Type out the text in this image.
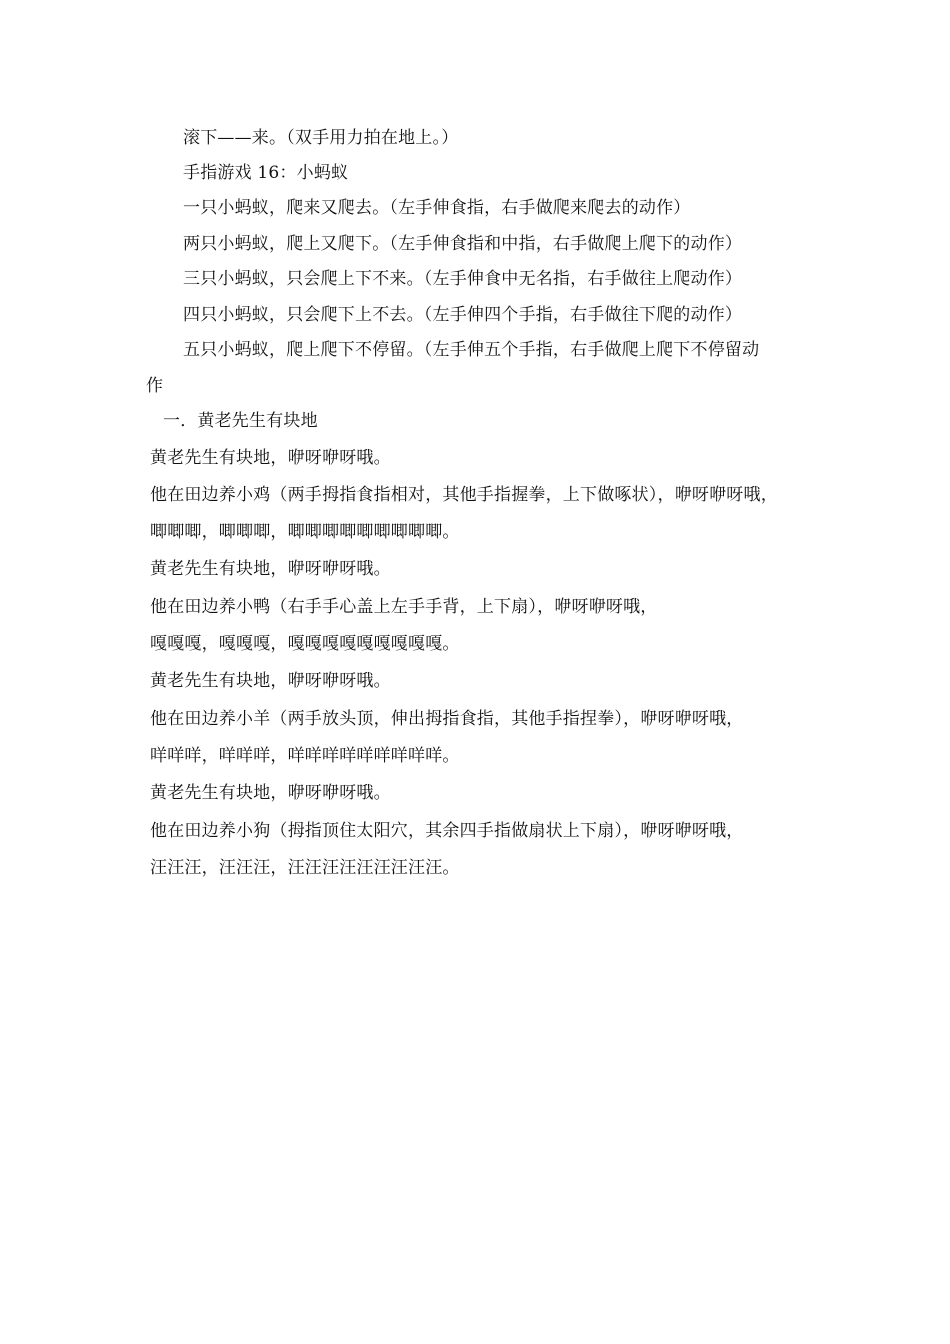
滚下——来。（双手用力拍在地上。）
手指游戏 16：小蚂蚁
一只小蚂蚁，爬来又爬去。（左手伸食指，右手做爬来爬去的动作）
两只小蚂蚁，爬上又爬下。（左手伸食指和中指，右手做爬上爬下的动作）
三只小蚂蚁，只会爬上下不来。（左手伸食中无名指，右手做往上爬动作）
四只小蚂蚁，只会爬下上不去。（左手伸四个手指，右手做往下爬的动作）
五只小蚂蚁，爬上爬下不停留。（左手伸五个手指，右手做爬上爬下不停留动
作
一．黄老先生有块地
黄老先生有块地，咿呀咿呀哦。
他在田边养小鸡（两手拇指食指相对，其他手指握拳，上下做啄状），咿呀咿呀哦，
唧唧唧，唧唧唧，唧唧唧唧唧唧唧唧唧。
黄老先生有块地，咿呀咿呀哦。
他在田边养小鸭（右手手心盖上左手手背，上下扇），咿呀咿呀哦，
嘎嘎嘎，嘎嘎嘎，嘎嘎嘎嘎嘎嘎嘎嘎嘎。
黄老先生有块地，咿呀咿呀哦。
他在田边养小羊（两手放头顶，伸出拇指食指，其他手指捏拳），咿呀咿呀哦，
咩咩咩，咩咩咩，咩咩咩咩咩咩咩咩咩。
黄老先生有块地，咿呀咿呀哦。
他在田边养小狗（拇指顶住太阳穴，其余四手指做扇状上下扇），咿呀咿呀哦，
汪汪汪，汪汪汪，汪汪汪汪汪汪汪汪汪。
